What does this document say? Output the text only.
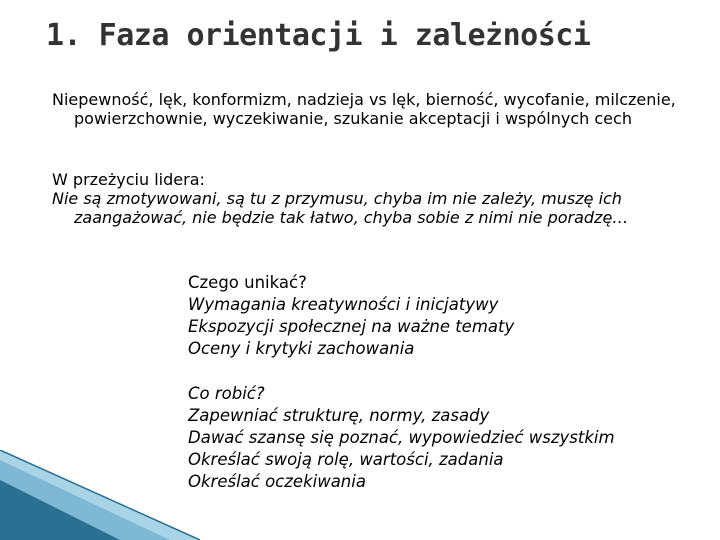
1. Faza orientacji i zależności
Niepewność, lęk, konformizm, nadzieja vs lęk, bierność, wycofanie, milczenie, powierzchownie, wyczekiwanie, szukanie akceptacji i wspólnych cech
W przeżyciu lidera:
Nie są zmotywowani, są tu z przymusu, chyba im nie zależy, muszę ich zaangażować, nie będzie tak łatwo, chyba sobie z nimi nie poradzę…
Czego unikać?
Wymagania kreatywności i inicjatywy
Ekspozycji społecznej na ważne tematy
Oceny i krytyki zachowania
Co robić?
Zapewniać strukturę, normy, zasady
Dawać szansę się poznać, wypowiedzieć wszystkim
Określać swoją rolę, wartości, zadania
Określać oczekiwania
